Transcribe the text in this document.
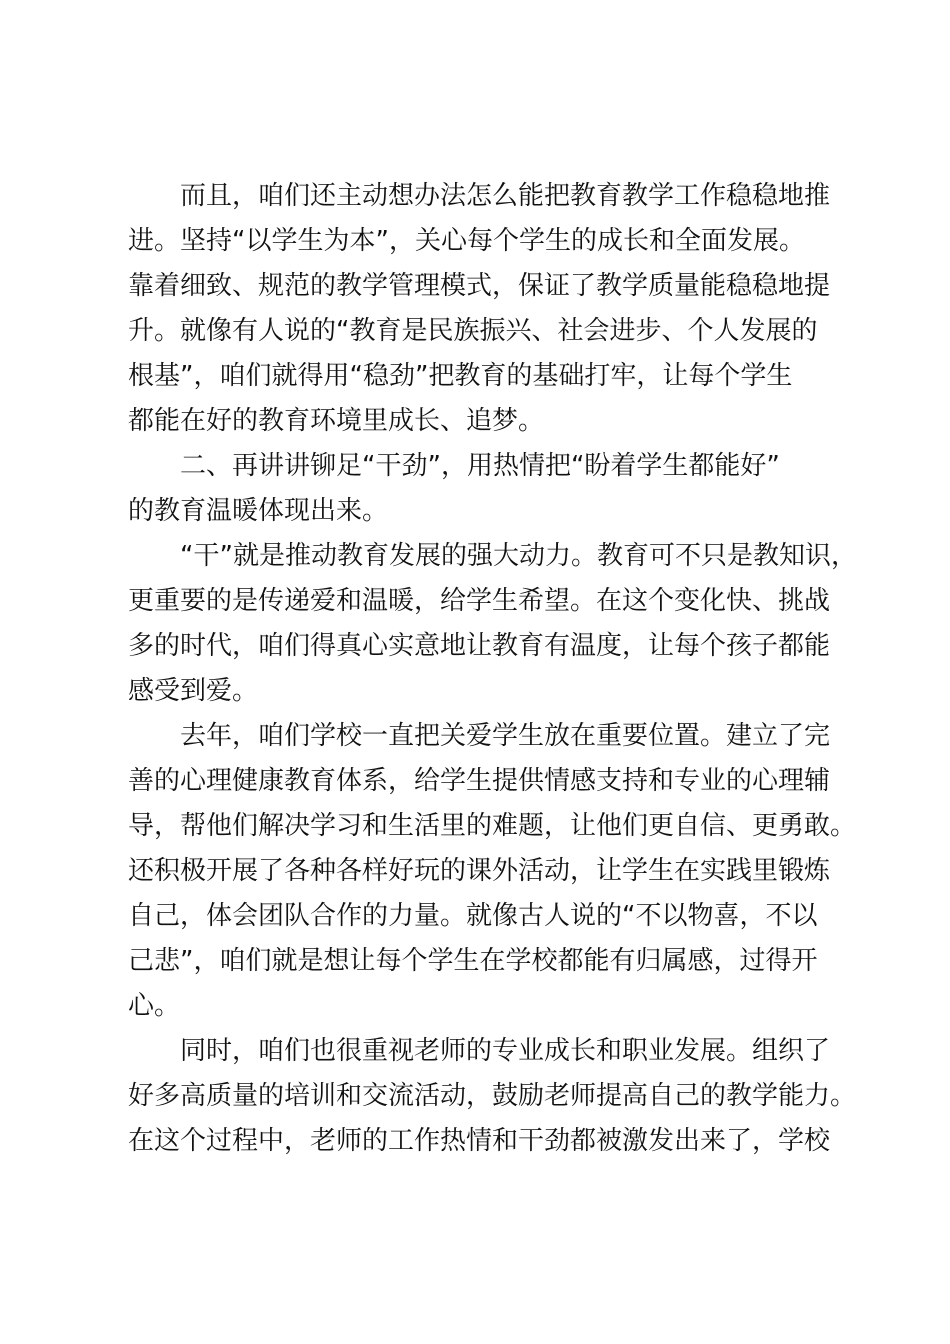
　　而且，咱们还主动想办法怎么能把教育教学工作稳稳地推
进。坚持“以学生为本”，关心每个学生的成长和全面发展。
靠着细致、规范的教学管理模式，保证了教学质量能稳稳地提
升。就像有人说的“教育是民族振兴、社会进步、个人发展的
根基”，咱们就得用“稳劲”把教育的基础打牢，让每个学生
都能在好的教育环境里成长、追梦。
　　二、再讲讲铆足“干劲”，用热情把“盼着学生都能好”
的教育温暖体现出来。
　　“干”就是推动教育发展的强大动力。教育可不只是教知识，
更重要的是传递爱和温暖，给学生希望。在这个变化快、挑战
多的时代，咱们得真心实意地让教育有温度，让每个孩子都能
感受到爱。
　　去年，咱们学校一直把关爱学生放在重要位置。建立了完
善的心理健康教育体系，给学生提供情感支持和专业的心理辅
导，帮他们解决学习和生活里的难题，让他们更自信、更勇敢。
还积极开展了各种各样好玩的课外活动，让学生在实践里锻炼
自己，体会团队合作的力量。就像古人说的“不以物喜，不以
己悲”，咱们就是想让每个学生在学校都能有归属感，过得开
心。
　　同时，咱们也很重视老师的专业成长和职业发展。组织了
好多高质量的培训和交流活动，鼓励老师提高自己的教学能力。
在这个过程中，老师的工作热情和干劲都被激发出来了，学校
